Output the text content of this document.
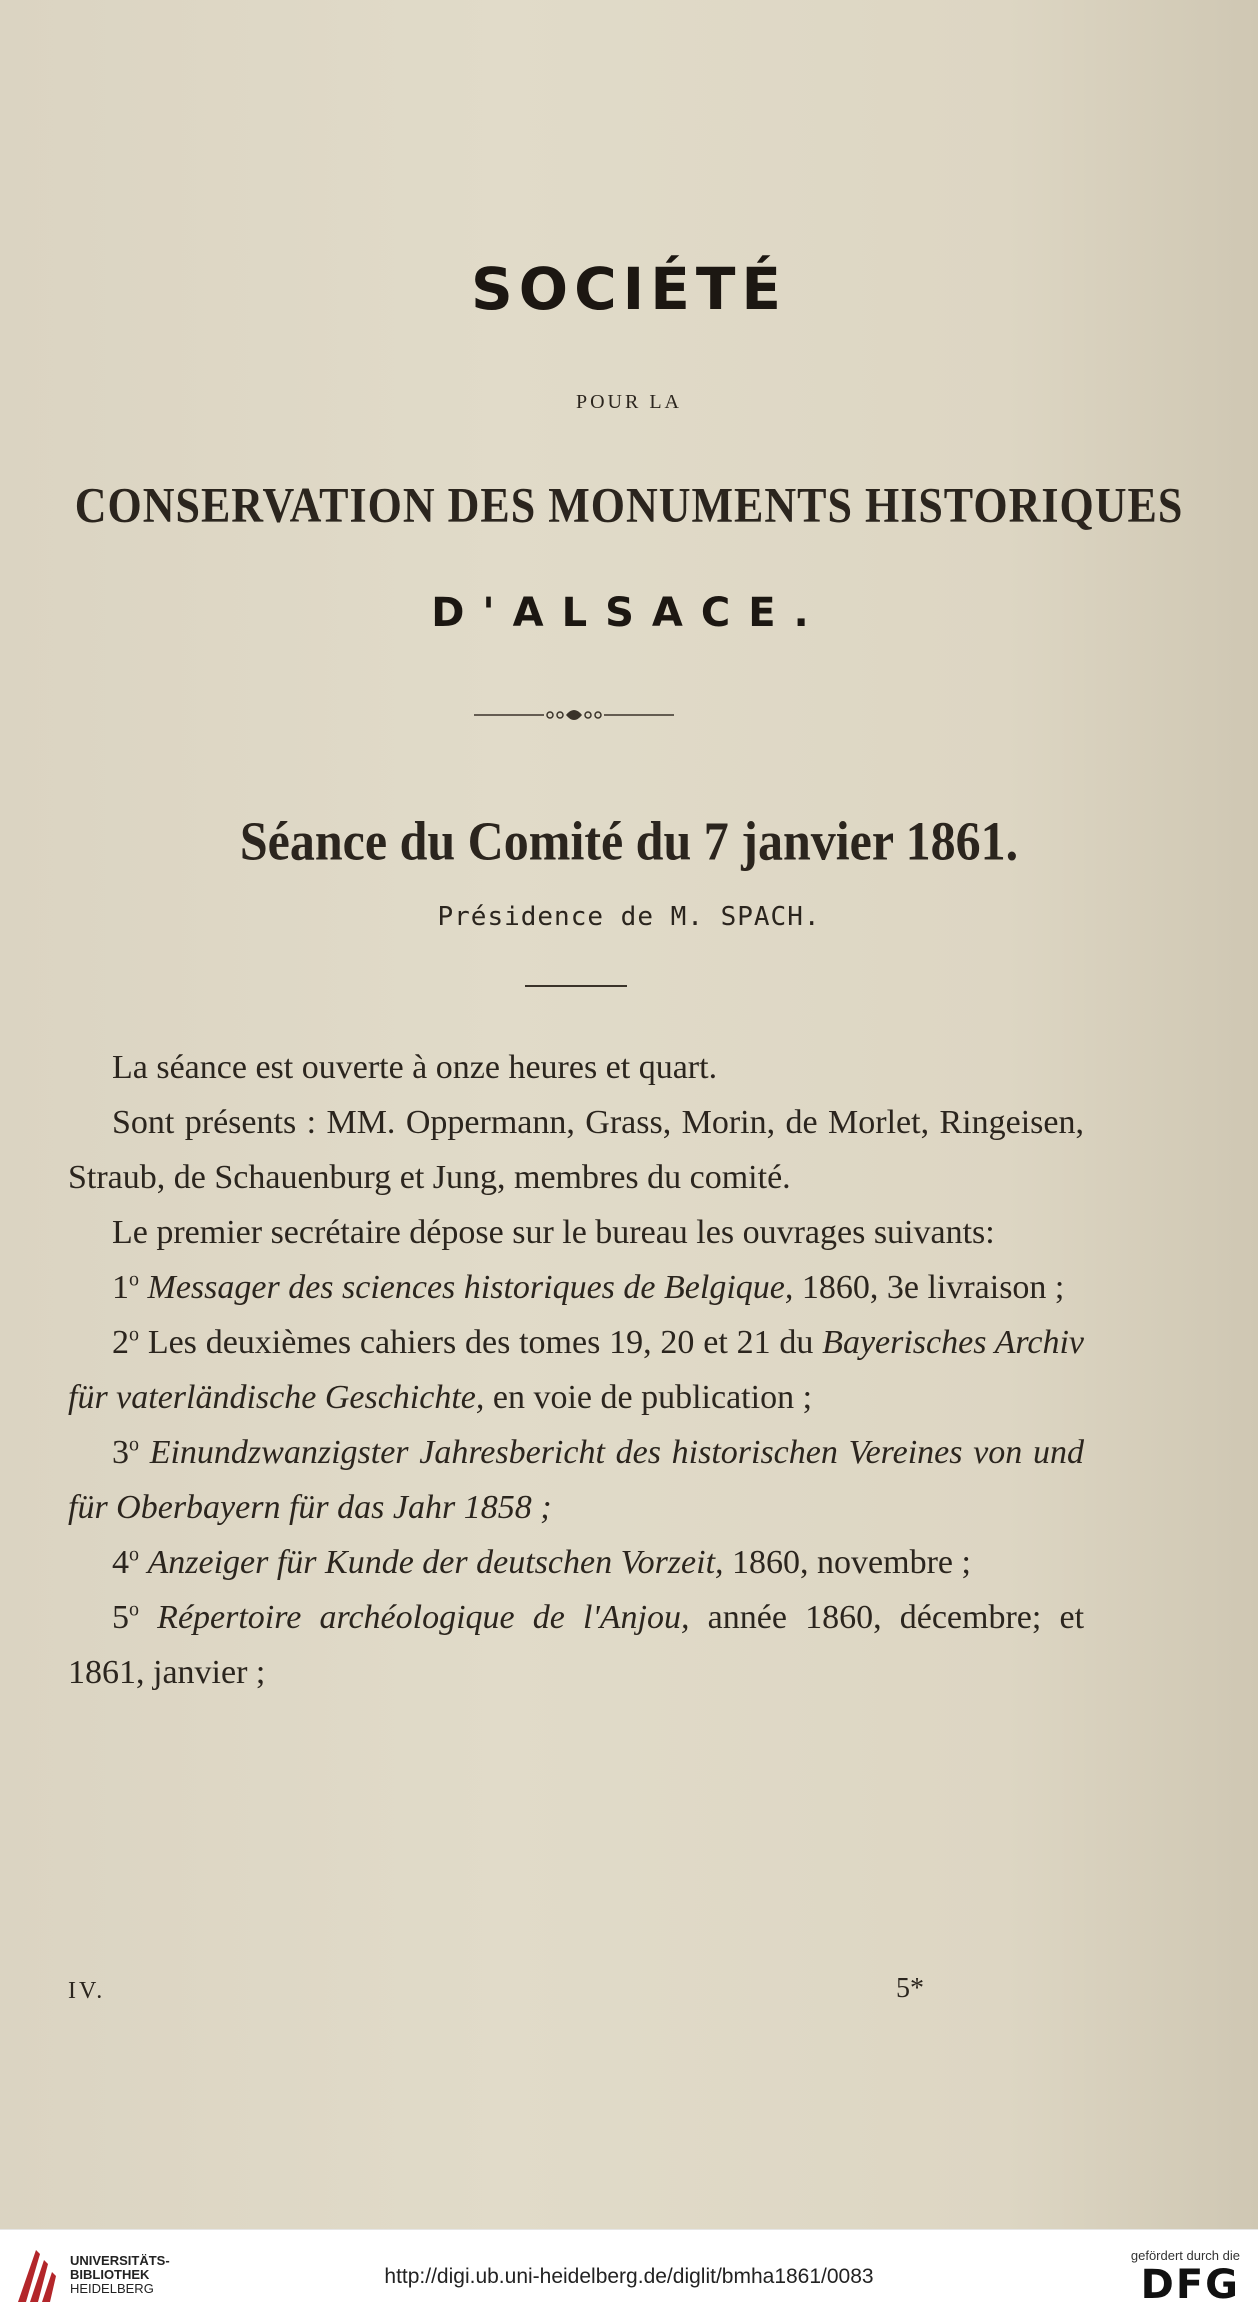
SOCIÉTÉ
POUR LA
CONSERVATION DES MONUMENTS HISTORIQUES
D'ALSACE.
Séance du Comité du 7 janvier 1861.
Présidence de M. SPACH.

La séance est ouverte à onze heures et quart.

Sont présents : MM. Oppermann, Grass, Morin, de Morlet, Ringeisen, Straub, de Schauenburg et Jung, membres du comité.

Le premier secrétaire dépose sur le bureau les ouvrages suivants:

1$^o$ Messager des sciences historiques de Belgique, 1860, 3e livraison ;

2$^o$ Les deuxièmes cahiers des tomes 19, 20 et 21 du Bayerisches Archiv für vaterländische Geschichte, en voie de publication ;

3$^o$ Einundzwanzigster Jahresbericht des historischen Vereines von und für Oberbayern für das Jahr 1858 ;

4$^o$ Anzeiger für Kunde der deutschen Vorzeit, 1860, novembre ;

5$^o$ Répertoire archéologique de l'Anjou, année 1860, décembre; et 1861, janvier ;

IV.	5*
UNIVERSITÄTS-
BIBLIOTHEK
HEIDELBERG
http://digi.ub.uni-heidelberg.de/diglit/bmha1861/0083
gefördert durch die
DFG
